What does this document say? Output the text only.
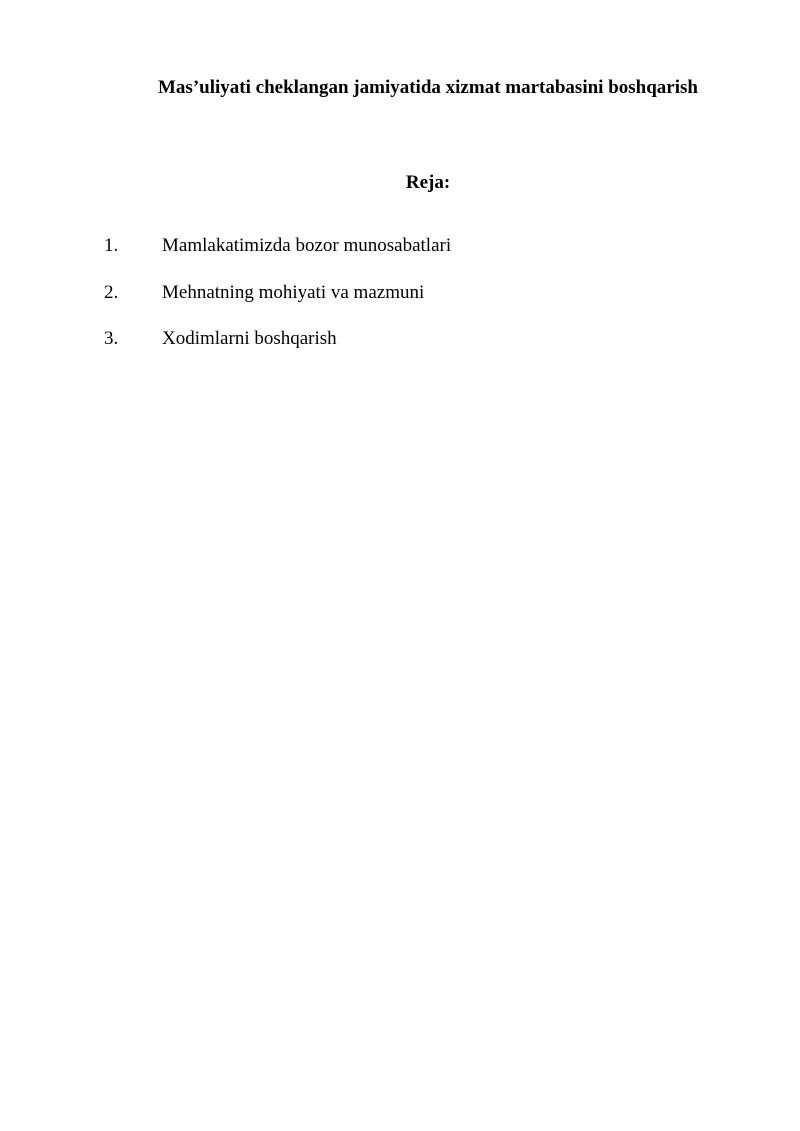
Mas’uliyati cheklangan jamiyatida xizmat martabasini boshqarish
Reja:
1. Mamlakatimizda bozor munosabatlari
2. Mehnatning mohiyati va mazmuni
3. Xodimlarni boshqarish
